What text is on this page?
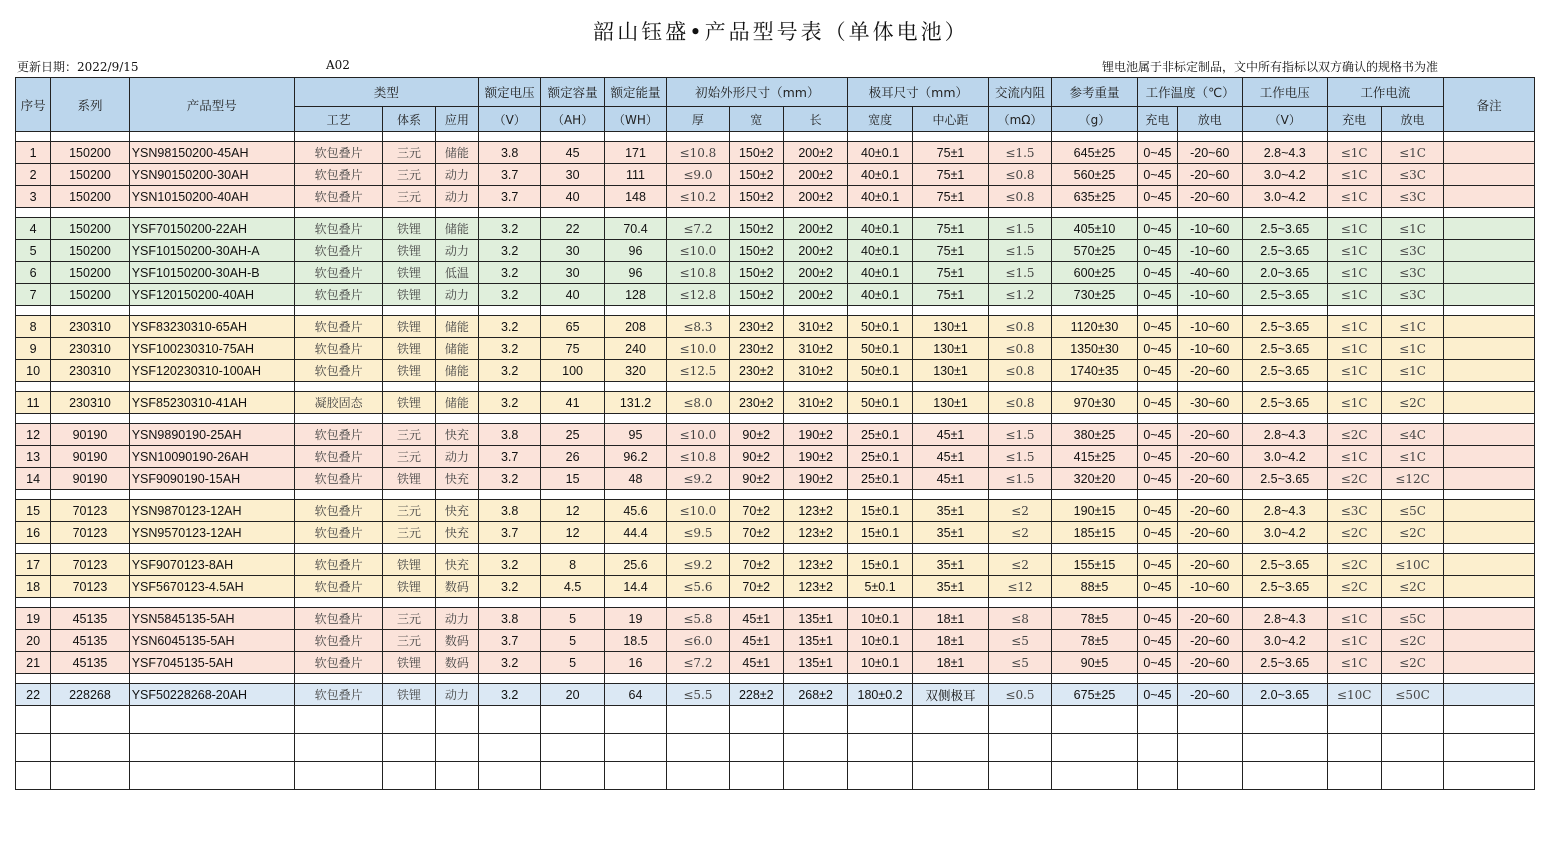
韶山钰盛•产品型号表（单体电池）
更新日期：2022/9/15	A02	锂电池属于非标定制品，文中所有指标以双方确认的规格书为准
序号	系列	产品型号	类型			额定电压	额定容量	额定能量	初始外形尺寸（mm）			极耳尺寸（mm）		交流内阻	参考重量	工作温度（℃）		工作电压	工作电流		备注
			工艺	体系	应用	（V）	（AH）	（WH）	厚	宽	长	宽度	中心距	（mΩ）	（g）	充电	放电	（V）	充电	放电	

1	150200	YSN98150200-45AH	软包叠片	三元	储能	3.8	45	171	≤10.8	150±2	200±2	40±0.1	75±1	≤1.5	645±25	0~45	-20~60	2.8~4.3	≤1C	≤1C	
2	150200	YSN90150200-30AH	软包叠片	三元	动力	3.7	30	111	≤9.0	150±2	200±2	40±0.1	75±1	≤0.8	560±25	0~45	-20~60	3.0~4.2	≤1C	≤3C	
3	150200	YSN10150200-40AH	软包叠片	三元	动力	3.7	40	148	≤10.2	150±2	200±2	40±0.1	75±1	≤0.8	635±25	0~45	-20~60	3.0~4.2	≤1C	≤3C	

4	150200	YSF70150200-22AH	软包叠片	铁锂	储能	3.2	22	70.4	≤7.2	150±2	200±2	40±0.1	75±1	≤1.5	405±10	0~45	-10~60	2.5~3.65	≤1C	≤1C	
5	150200	YSF10150200-30AH-A	软包叠片	铁锂	动力	3.2	30	96	≤10.0	150±2	200±2	40±0.1	75±1	≤1.5	570±25	0~45	-10~60	2.5~3.65	≤1C	≤3C	
6	150200	YSF10150200-30AH-B	软包叠片	铁锂	低温	3.2	30	96	≤10.8	150±2	200±2	40±0.1	75±1	≤1.5	600±25	0~45	-40~60	2.0~3.65	≤1C	≤3C	
7	150200	YSF120150200-40AH	软包叠片	铁锂	动力	3.2	40	128	≤12.8	150±2	200±2	40±0.1	75±1	≤1.2	730±25	0~45	-10~60	2.5~3.65	≤1C	≤3C	

8	230310	YSF83230310-65AH	软包叠片	铁锂	储能	3.2	65	208	≤8.3	230±2	310±2	50±0.1	130±1	≤0.8	1120±30	0~45	-10~60	2.5~3.65	≤1C	≤1C	
9	230310	YSF100230310-75AH	软包叠片	铁锂	储能	3.2	75	240	≤10.0	230±2	310±2	50±0.1	130±1	≤0.8	1350±30	0~45	-10~60	2.5~3.65	≤1C	≤1C	
10	230310	YSF120230310-100AH	软包叠片	铁锂	储能	3.2	100	320	≤12.5	230±2	310±2	50±0.1	130±1	≤0.8	1740±35	0~45	-20~60	2.5~3.65	≤1C	≤1C	

11	230310	YSF85230310-41AH	凝胶固态	铁锂	储能	3.2	41	131.2	≤8.0	230±2	310±2	50±0.1	130±1	≤0.8	970±30	0~45	-30~60	2.5~3.65	≤1C	≤2C	

12	90190	YSN9890190-25AH	软包叠片	三元	快充	3.8	25	95	≤10.0	90±2	190±2	25±0.1	45±1	≤1.5	380±25	0~45	-20~60	2.8~4.3	≤2C	≤4C	
13	90190	YSN10090190-26AH	软包叠片	三元	动力	3.7	26	96.2	≤10.8	90±2	190±2	25±0.1	45±1	≤1.5	415±25	0~45	-20~60	3.0~4.2	≤1C	≤1C	
14	90190	YSF9090190-15AH	软包叠片	铁锂	快充	3.2	15	48	≤9.2	90±2	190±2	25±0.1	45±1	≤1.5	320±20	0~45	-20~60	2.5~3.65	≤2C	≤12C	

15	70123	YSN9870123-12AH	软包叠片	三元	快充	3.8	12	45.6	≤10.0	70±2	123±2	15±0.1	35±1	≤2	190±15	0~45	-20~60	2.8~4.3	≤3C	≤5C	
16	70123	YSN9570123-12AH	软包叠片	三元	快充	3.7	12	44.4	≤9.5	70±2	123±2	15±0.1	35±1	≤2	185±15	0~45	-20~60	3.0~4.2	≤2C	≤2C	

17	70123	YSF9070123-8AH	软包叠片	铁锂	快充	3.2	8	25.6	≤9.2	70±2	123±2	15±0.1	35±1	≤2	155±15	0~45	-20~60	2.5~3.65	≤2C	≤10C	
18	70123	YSF5670123-4.5AH	软包叠片	铁锂	数码	3.2	4.5	14.4	≤5.6	70±2	123±2	5±0.1	35±1	≤12	88±5	0~45	-10~60	2.5~3.65	≤2C	≤2C	

19	45135	YSN5845135-5AH	软包叠片	三元	动力	3.8	5	19	≤5.8	45±1	135±1	10±0.1	18±1	≤8	78±5	0~45	-20~60	2.8~4.3	≤1C	≤5C	
20	45135	YSN6045135-5AH	软包叠片	三元	数码	3.7	5	18.5	≤6.0	45±1	135±1	10±0.1	18±1	≤5	78±5	0~45	-20~60	3.0~4.2	≤1C	≤2C	
21	45135	YSF7045135-5AH	软包叠片	铁锂	数码	3.2	5	16	≤7.2	45±1	135±1	10±0.1	18±1	≤5	90±5	0~45	-20~60	2.5~3.65	≤1C	≤2C	

22	228268	YSF50228268-20AH	软包叠片	铁锂	动力	3.2	20	64	≤5.5	228±2	268±2	180±0.2	双侧极耳	≤0.5	675±25	0~45	-20~60	2.0~3.65	≤10C	≤50C	
